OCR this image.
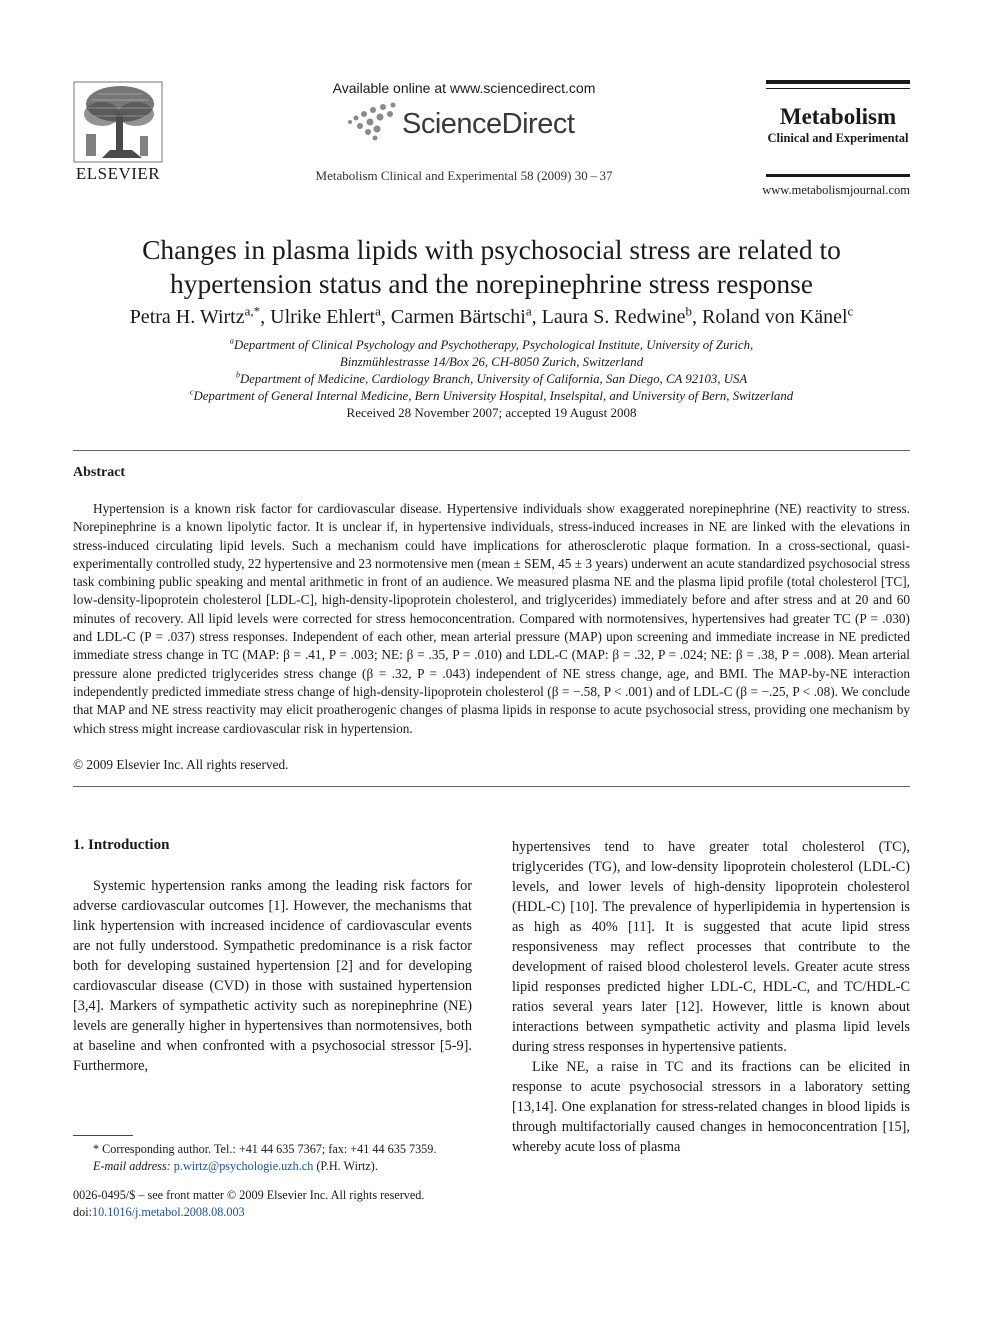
ELSEVIER
Available online at www.sciencedirect.com
ScienceDirect
Metabolism Clinical and Experimental 58 (2009) 30 – 37
Metabolism
Clinical and Experimental
www.metabolismjournal.com
Changes in plasma lipids with psychosocial stress are related to
hypertension status and the norepinephrine stress response
Petra H. Wirtz$^{a,*}$, Ulrike Ehlert$^a$, Carmen Bärtschi$^a$, Laura S. Redwine$^b$, Roland von Känel$^c$
$^a$Department of Clinical Psychology and Psychotherapy, Psychological Institute, University of Zurich,
Binzmühlestrasse 14/Box 26, CH-8050 Zurich, Switzerland
$^b$Department of Medicine, Cardiology Branch, University of California, San Diego, CA 92103, USA
$^c$Department of General Internal Medicine, Bern University Hospital, Inselspital, and University of Bern, Switzerland
Received 28 November 2007; accepted 19 August 2008
Abstract
Hypertension is a known risk factor for cardiovascular disease. Hypertensive individuals show exaggerated norepinephrine (NE) reactivity to stress. Norepinephrine is a known lipolytic factor. It is unclear if, in hypertensive individuals, stress-induced increases in NE are linked with the elevations in stress-induced circulating lipid levels. Such a mechanism could have implications for atherosclerotic plaque formation. In a cross-sectional, quasi-experimentally controlled study, 22 hypertensive and 23 normotensive men (mean ± SEM, 45 ± 3 years) underwent an acute standardized psychosocial stress task combining public speaking and mental arithmetic in front of an audience. We measured plasma NE and the plasma lipid profile (total cholesterol [TC], low-density-lipoprotein cholesterol [LDL-C], high-density-lipoprotein cholesterol, and triglycerides) immediately before and after stress and at 20 and 60 minutes of recovery. All lipid levels were corrected for stress hemoconcentration. Compared with normotensives, hypertensives had greater TC (P = .030) and LDL-C (P = .037) stress responses. Independent of each other, mean arterial pressure (MAP) upon screening and immediate increase in NE predicted immediate stress change in TC (MAP: β = .41, P = .003; NE: β = .35, P = .010) and LDL-C (MAP: β = .32, P = .024; NE: β = .38, P = .008). Mean arterial pressure alone predicted triglycerides stress change (β = .32, P = .043) independent of NE stress change, age, and BMI. The MAP-by-NE interaction independently predicted immediate stress change of high-density-lipoprotein cholesterol (β = −.58, P < .001) and of LDL-C (β = −.25, P < .08). We conclude that MAP and NE stress reactivity may elicit proatherogenic changes of plasma lipids in response to acute psychosocial stress, providing one mechanism by which stress might increase cardiovascular risk in hypertension.
© 2009 Elsevier Inc. All rights reserved.
1. Introduction
Systemic hypertension ranks among the leading risk factors for adverse cardiovascular outcomes [1]. However, the mechanisms that link hypertension with increased incidence of cardiovascular events are not fully understood. Sympathetic predominance is a risk factor both for developing sustained hypertension [2] and for developing cardiovascular disease (CVD) in those with sustained hypertension [3,4]. Markers of sympathetic activity such as norepinephrine (NE) levels are generally higher in hypertensives than normotensives, both at baseline and when confronted with a psychosocial stressor [5-9]. Furthermore,

hypertensives tend to have greater total cholesterol (TC), triglycerides (TG), and low-density lipoprotein cholesterol (LDL-C) levels, and lower levels of high-density lipoprotein cholesterol (HDL-C) [10]. The prevalence of hyperlipidemia in hypertension is as high as 40% [11]. It is suggested that acute lipid stress responsiveness may reflect processes that contribute to the development of raised blood cholesterol levels. Greater acute stress lipid responses predicted higher LDL-C, HDL-C, and TC/HDL-C ratios several years later [12]. However, little is known about interactions between sympathetic activity and plasma lipid levels during stress responses in hypertensive patients.

Like NE, a raise in TC and its fractions can be elicited in response to acute psychosocial stressors in a laboratory setting [13,14]. One explanation for stress-related changes in blood lipids is through multifactorially caused changes in hemoconcentration [15], whereby acute loss of plasma

* Corresponding author. Tel.: +41 44 635 7367; fax: +41 44 635 7359.
E-mail address: p.wirtz@psychologie.uzh.ch (P.H. Wirtz).
0026-0495/$ – see front matter © 2009 Elsevier Inc. All rights reserved.
doi:10.1016/j.metabol.2008.08.003
